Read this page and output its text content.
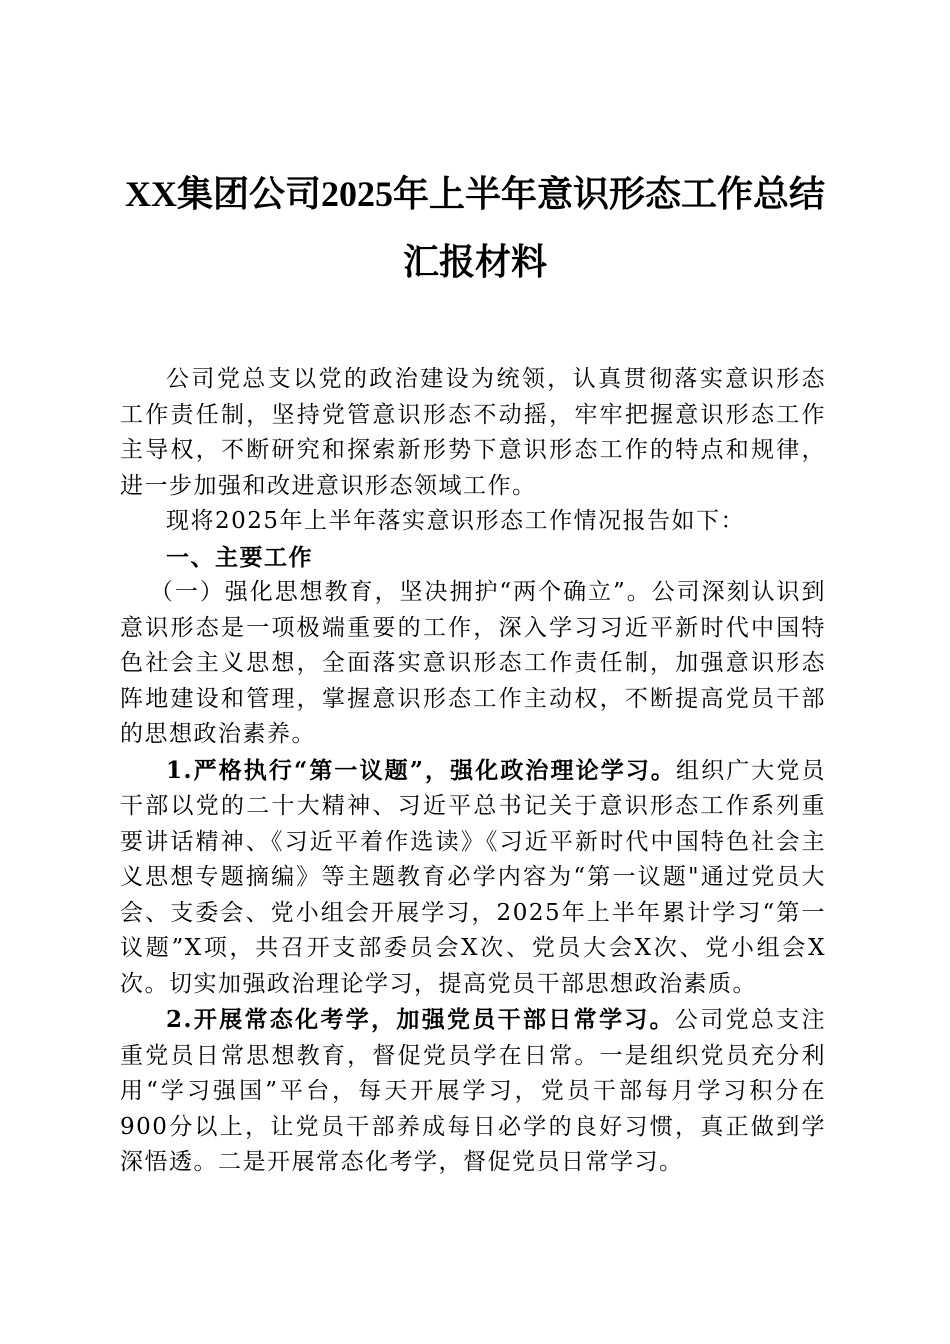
XX集团公司2025年上半年意识形态工作总结
汇报材料

公司党总支以党的政治建设为统领，认真贯彻落实意识形态工作责任制，坚持党管意识形态不动摇，牢牢把握意识形态工作主导权，不断研究和探索新形势下意识形态工作的特点和规律，进一步加强和改进意识形态领域工作。

现将2025年上半年落实意识形态工作情况报告如下：

一、主要工作

（一）强化思想教育，坚决拥护“两个确立”。公司深刻认识到意识形态是一项极端重要的工作，深入学习习近平新时代中国特色社会主义思想，全面落实意识形态工作责任制，加强意识形态阵地建设和管理，掌握意识形态工作主动权，不断提高党员干部的思想政治素养。

1.严格执行“第一议题”，强化政治理论学习。组织广大党员干部以党的二十大精神、习近平总书记关于意识形态工作系列重要讲话精神、《习近平着作选读》《习近平新时代中国特色社会主义思想专题摘编》等主题教育必学内容为“第一议题"通过党员大会、支委会、党小组会开展学习，2025年上半年累计学习“第一议题”X项，共召开支部委员会X次、党员大会X次、党小组会X次。切实加强政治理论学习，提高党员干部思想政治素质。

2.开展常态化考学，加强党员干部日常学习。公司党总支注重党员日常思想教育，督促党员学在日常。一是组织党员充分利用“学习强国”平台，每天开展学习，党员干部每月学习积分在900分以上，让党员干部养成每日必学的良好习惯，真正做到学深悟透。二是开展常态化考学，督促党员日常学习。
